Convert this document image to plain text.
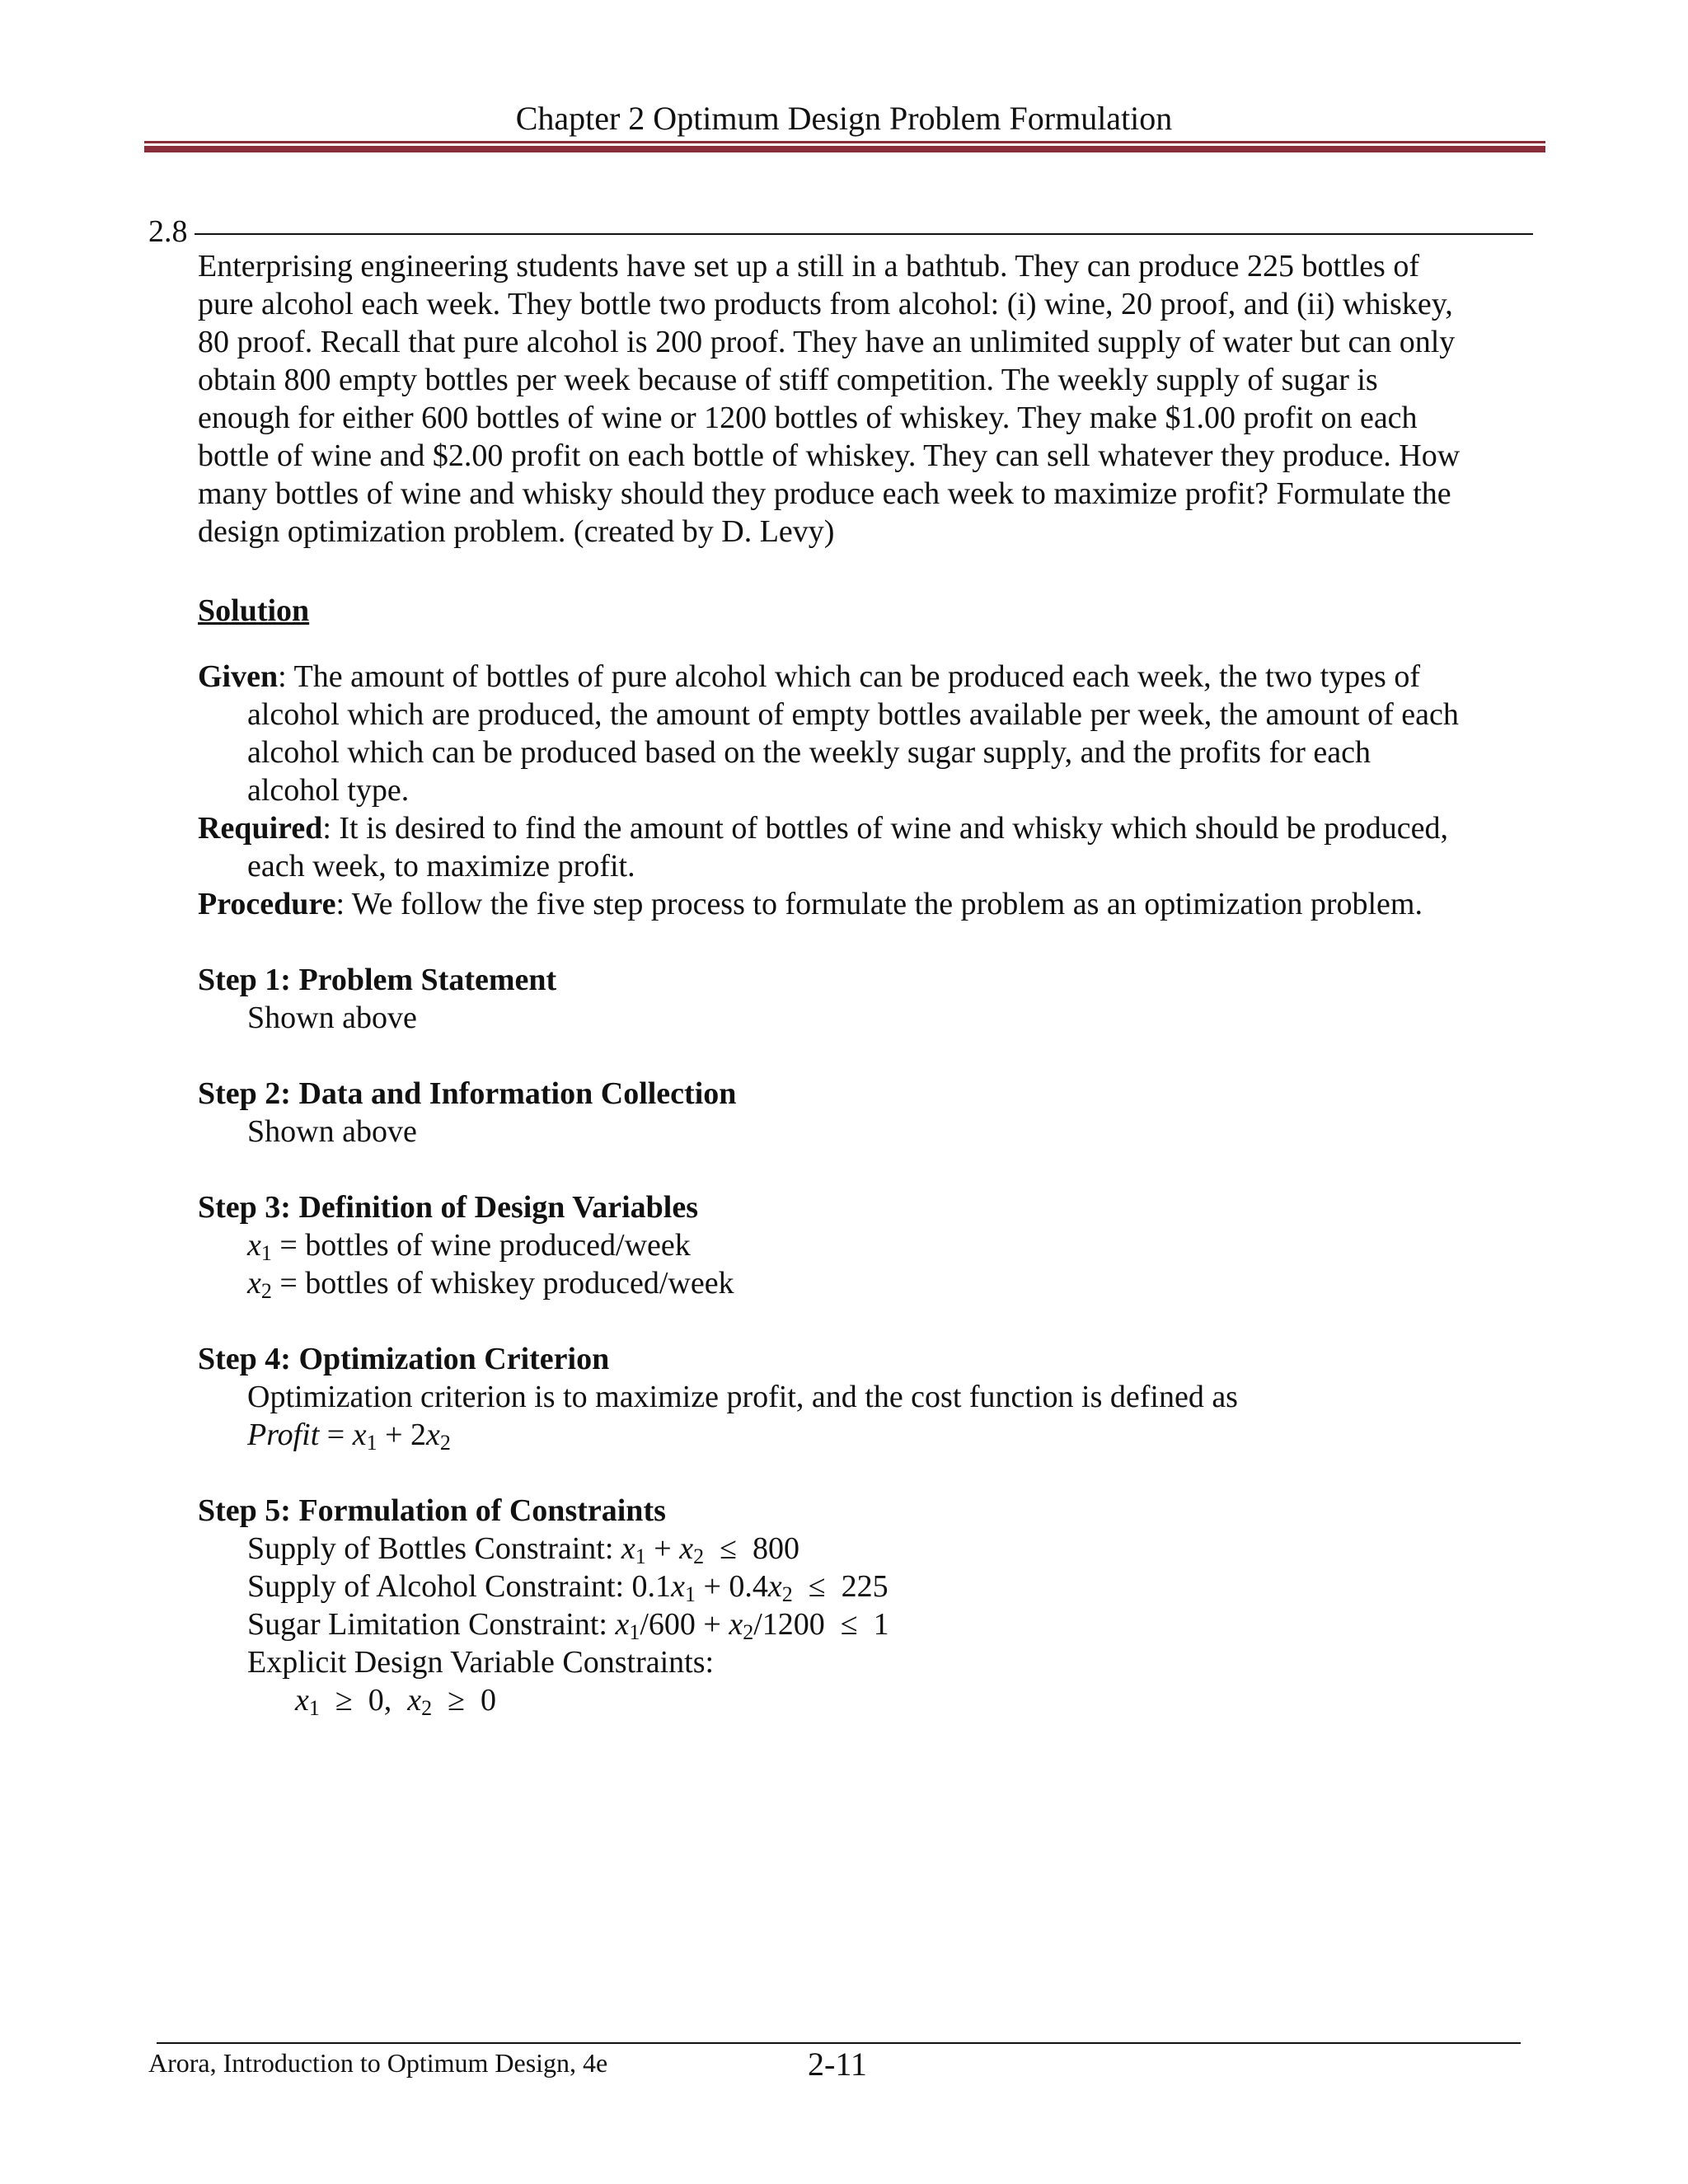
Chapter 2 Optimum Design Problem Formulation
2.8
Enterprising engineering students have set up a still in a bathtub. They can produce 225 bottles of
pure alcohol each week. They bottle two products from alcohol: (i) wine, 20 proof, and (ii) whiskey,
80 proof. Recall that pure alcohol is 200 proof. They have an unlimited supply of water but can only
obtain 800 empty bottles per week because of stiff competition. The weekly supply of sugar is
enough for either 600 bottles of wine or 1200 bottles of whiskey. They make $1.00 profit on each
bottle of wine and $2.00 profit on each bottle of whiskey. They can sell whatever they produce. How
many bottles of wine and whisky should they produce each week to maximize profit? Formulate the
design optimization problem. (created by D. Levy)
Solution
Given: The amount of bottles of pure alcohol which can be produced each week, the two types of
alcohol which are produced, the amount of empty bottles available per week, the amount of each
alcohol which can be produced based on the weekly sugar supply, and the profits for each
alcohol type.
Required: It is desired to find the amount of bottles of wine and whisky which should be produced,
each week, to maximize profit.
Procedure: We follow the five step process to formulate the problem as an optimization problem.
Step 1: Problem Statement
Shown above
Step 2: Data and Information Collection
Shown above
Step 3: Definition of Design Variables
$x_1$ = bottles of wine produced/week
$x_2$ = bottles of whiskey produced/week
Step 4: Optimization Criterion
Optimization criterion is to maximize profit, and the cost function is defined as
Profit = $x_1 + 2x_2$
Step 5: Formulation of Constraints
Supply of Bottles Constraint: $x_1 + x_2 \le 800$
Supply of Alcohol Constraint: $0.1x_1 + 0.4x_2 \le 225$
Sugar Limitation Constraint: $x_1/600 + x_2/1200 \le 1$
Explicit Design Variable Constraints:
$x_1 \ge 0$,  $x_2 \ge 0$
Arora, Introduction to Optimum Design, 4e	2-11
